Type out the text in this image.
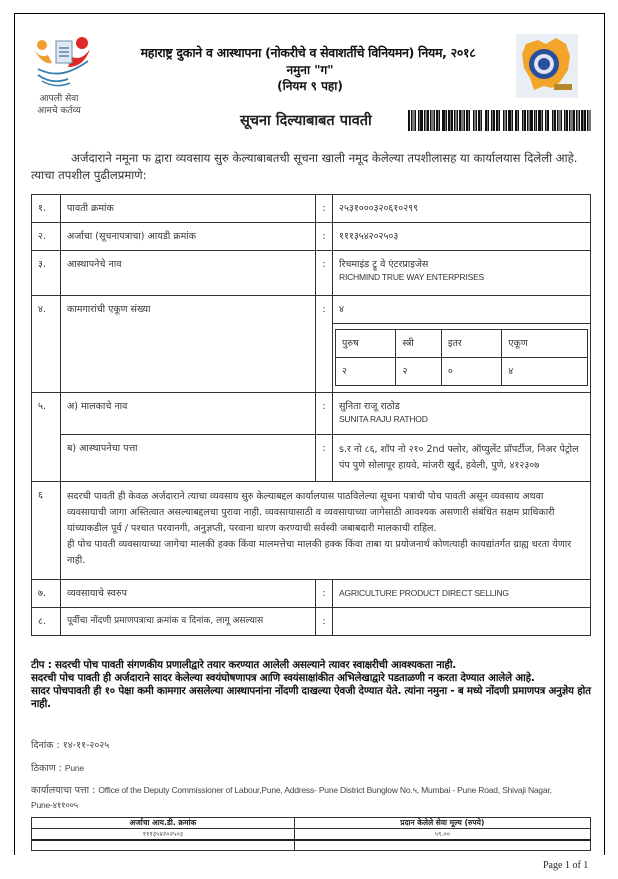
आपली सेवा
आमचे कर्तव्य
महाराष्ट्र दुकाने व आस्थापना (नोकरीचे व सेवाशर्तीचे विनियमन) नियम, २०१८
नमुना "ग"
(नियम ९ पहा)
सूचना दिल्याबाबत पावती
अर्जदाराने नमूना फ द्वारा व्यवसाय सुरु केल्याबाबतची सूचना खाली नमूद केलेल्या तपशीलासह या कार्यालयास दिलेली आहे. त्याचा तपशील पुढीलप्रमाणे:
१.	पावती क्रमांक	:	२५३१०००३२०६१०२९९
२.	अर्जाचा (सूचनापत्राचा) आयडी क्रमांक	:	१११३५४२०२५०३
३.	आस्थापनेचे नाव	:	रिचमाइंड ट्रू वे एंटरप्राइजेस
RICHMIND TRUE WAY ENTERPRISES

४.	कामगारांची एकूण संख्या	:	४

पुरुष	स्त्री	इतर	एकूण
२	२	०	४

५.	अ) मालकाचे नाव	:	सुनिता राजू राठोड
SUNITA RAJU RATHOD

ब) आस्थापनेचा पत्ता	:	s.र नो ८६, शॉप नो २१० 2nd फ्लोर, ऑप्युलेंट प्रॉपर्टीज, निअर पेट्रोल पंप पुणे सोलापूर हायवे, मांजरी खुर्द, हवेली, पुणे, ४१२३०७
६	सदरची पावती ही केवळ अर्जदाराने त्याचा व्यवसाय सुरु केल्याबद्दल कार्यालयास पाठविलेल्या सूचना पत्राची पोच पावती असून व्यवसाय अथवा व्यवसायाची जागा अस्तित्वात असल्याबद्दलचा पुरावा नाही. व्यवसायासाठी व व्यवसायाच्या जागेसाठी आवश्यक असणारी संबंधित सक्षम प्राधिकारी यांच्याकडील पूर्व / पश्चात परवानगी, अनुज्ञप्ती, परवाना धारण करण्याची सर्वस्वी जबाबदारी मालकाची राहिल.
ही पोच पावती व्यवसायाच्या जागेचा मालकी हक्क किंवा मालमत्तेचा मालकी हक्क किंवा ताबा या प्रयोजनार्थ कोणत्याही कायद्यांतर्गत ग्राह्य धरता येणार नाही.

७.	व्यवसायाचे स्वरुप	:	AGRICULTURE PRODUCT DIRECT SELLING
८.	पूर्वीचा नोंदणी प्रमाणपत्राचा क्रमांक व दिनांक, लागू असल्यास	:	
टीप : सदरची पोच पावती संगणकीय प्रणालीद्वारे तयार करण्यात आलेली असल्याने त्यावर स्वाक्षरीची आवश्यकता नाही.
सदरची पोच पावती ही अर्जदाराने सादर केलेल्या स्वयंघोषणापत्र आणि स्वयंसाक्षांकीत अभिलेखाद्वारे पडताळणी न करता देण्यात आलेले आहे.
सादर पोचपावती ही १० पेक्षा कमी कामगार असलेल्या आस्थापनांना नोंदणी दाखल्या ऐवजी देण्यात येते. त्यांना नमुना - ब मध्ये नोंदणी प्रमाणपत्र अनुज्ञेय होत नाही.
दिनांक : १४-११-२०२५
ठिकाण : Pune
कार्यालयाचा पत्ता : Office of the Deputy Commissioner of Labour,Pune, Address- Pune District Bunglow No.५, Mumbai - Pune Road, Shivaji Nagar, Pune-४११००५
अर्जाचा आय.डी. क्रमांक	प्रदान केलेले सेवा मूल्य (रुपये)
१११३५४२०२५०३	५९.००

Page 1 of 1
